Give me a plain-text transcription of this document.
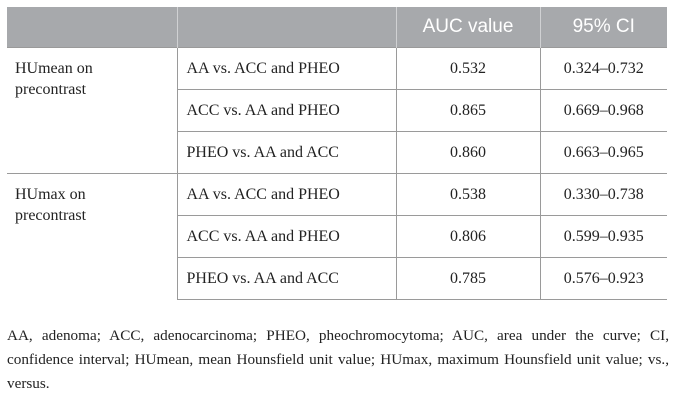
		AUC value	95% CI
HUmean on
precontrast	AA vs. ACC and PHEO	0.532	0.324–0.732
	ACC vs. AA and PHEO	0.865	0.669–0.968
	PHEO vs. AA and ACC	0.860	0.663–0.965
HUmax on
precontrast	AA vs. ACC and PHEO	0.538	0.330–0.738
	ACC vs. AA and PHEO	0.806	0.599–0.935
	PHEO vs. AA and ACC	0.785	0.576–0.923
AA, adenoma; ACC, adenocarcinoma; PHEO, pheochromocytoma; AUC, area under the curve; CI, confidence interval; HUmean, mean Hounsfield unit value; HUmax, maximum Hounsfield unit value; vs., versus.
